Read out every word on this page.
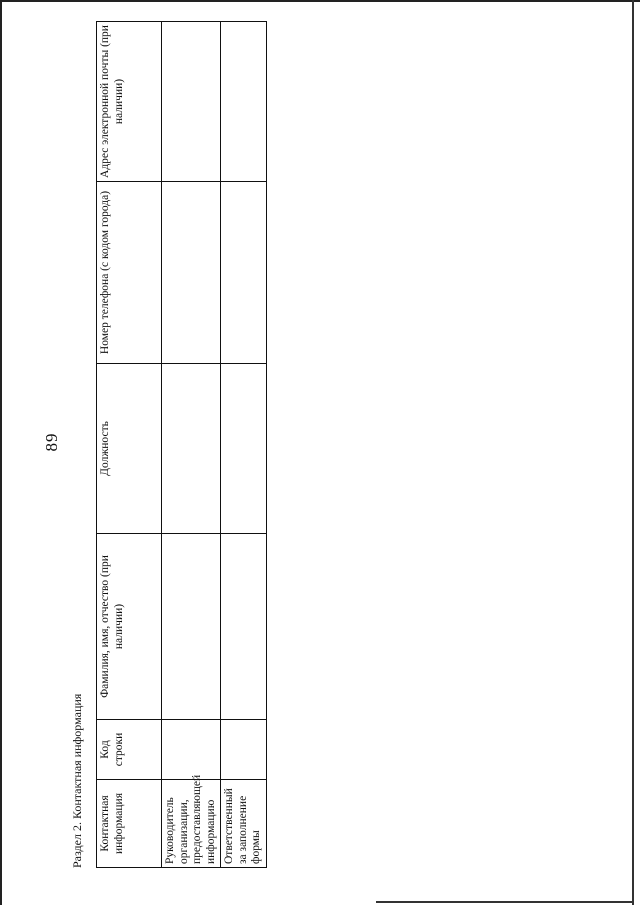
89
Раздел 2. Контактная информация Контактная информация	Код строки	Фамилия, имя, отчество (при наличии)	Должность	Номер телефона (с кодом города)	Адрес электронной почты (при наличии)
Руководитель организации, предоставляющей информацию					
Ответственный за заполнение формы					
